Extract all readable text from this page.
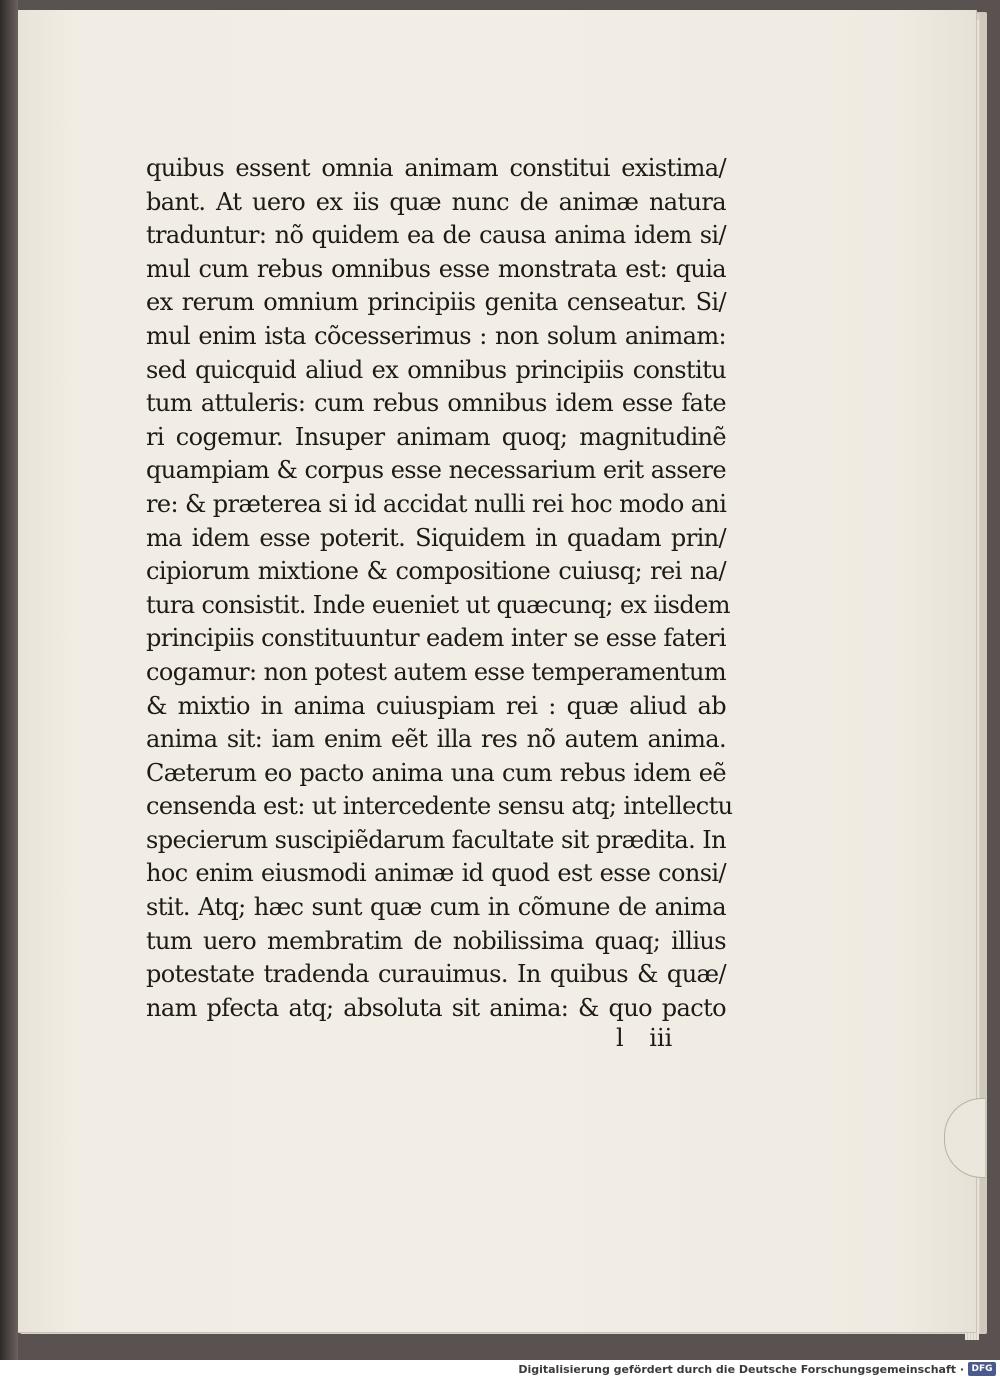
quibus essent omnia animam constitui existima/
bant. At uero ex iis quæ nunc de animæ natura
traduntur: nõ quidem ea de causa anima idem si/
mul cum rebus omnibus esse monstrata est: quia
ex rerum omnium principiis genita censeatur. Si/
mul enim ista cõcesserimus : non solum animam:
sed quicquid aliud ex omnibus principiis constitu
tum attuleris: cum rebus omnibus idem esse fate
ri cogemur. Insuper animam quoq; magnitudinẽ
quampiam & corpus esse necessarium erit assere
re: & præterea si id accidat nulli rei hoc modo ani
ma idem esse poterit. Siquidem in quadam prin/
cipiorum mixtione & compositione cuiusq; rei na/
tura consistit. Inde eueniet ut quæcunq; ex iisdem
principiis constituuntur eadem inter se esse fateri
cogamur: non potest autem esse temperamentum
& mixtio in anima cuiuspiam rei : quæ aliud ab
anima sit: iam enim eẽt illa res nõ autem anima.
Cæterum eo pacto anima una cum rebus idem eẽ
censenda est: ut intercedente sensu atq; intellectu
specierum suscipiẽdarum facultate sit prædita. In
hoc enim eiusmodi animæ id quod est esse consi/
stit. Atq; hæc sunt quæ cum in cõmune de anima
tum uero membratim de nobilissima quaq; illius
potestate tradenda curauimus. In quibus & quæ/
nam pfecta atq; absoluta sit anima: & quo pacto
l iii
Digitalisierung gefördert durch die Deutsche Forschungsgemeinschaft · DFG
